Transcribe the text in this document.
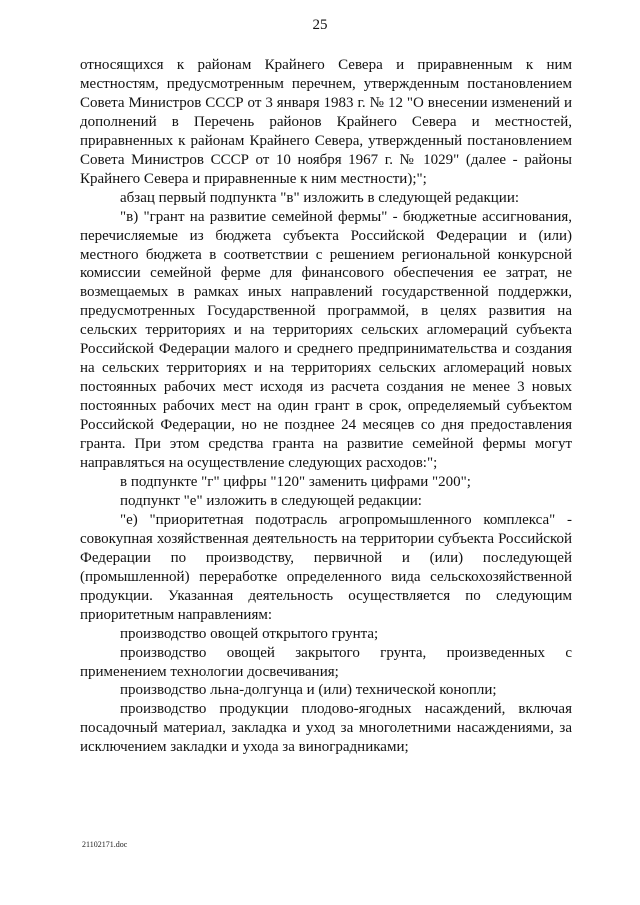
25

относящихся к районам Крайнего Севера и приравненным к ним местностям, предусмотренным перечнем, утвержденным постановлением Совета Министров СССР от 3 января 1983 г. № 12 "О внесении изменений и дополнений в Перечень районов Крайнего Севера и местностей, приравненных к районам Крайнего Севера, утвержденный постановлением Совета Министров СССР от 10 ноября 1967 г. № 1029" (далее - районы Крайнего Севера и приравненные к ним местности);";

абзац первый подпункта "в" изложить в следующей редакции:

"в) "грант на развитие семейной фермы" - бюджетные ассигнования, перечисляемые из бюджета субъекта Российской Федерации и (или) местного бюджета в соответствии с решением региональной конкурсной комиссии семейной ферме для финансового обеспечения ее затрат, не возмещаемых в рамках иных направлений государственной поддержки, предусмотренных Государственной программой, в целях развития на сельских территориях и на территориях сельских агломераций субъекта Российской Федерации малого и среднего предпринимательства и создания на сельских территориях и на территориях сельских агломераций новых постоянных рабочих мест исходя из расчета создания не менее 3 новых постоянных рабочих мест на один грант в срок, определяемый субъектом Российской Федерации, но не позднее 24 месяцев со дня предоставления гранта. При этом средства гранта на развитие семейной фермы могут направляться на осуществление следующих расходов:";

в подпункте "г" цифры "120" заменить цифрами "200";

подпункт "е" изложить в следующей редакции:

"е) "приоритетная подотрасль агропромышленного комплекса" - совокупная хозяйственная деятельность на территории субъекта Российской Федерации по производству, первичной и (или) последующей (промышленной) переработке определенного вида сельскохозяйственной продукции. Указанная деятельность осуществляется по следующим приоритетным направлениям:

производство овощей открытого грунта;

производство овощей закрытого грунта, произведенных с применением технологии досвечивания;

производство льна-долгунца и (или) технической конопли;

производство продукции плодово-ягодных насаждений, включая посадочный материал, закладка и уход за многолетними насаждениями, за исключением закладки и ухода за виноградниками;

21102171.doc
